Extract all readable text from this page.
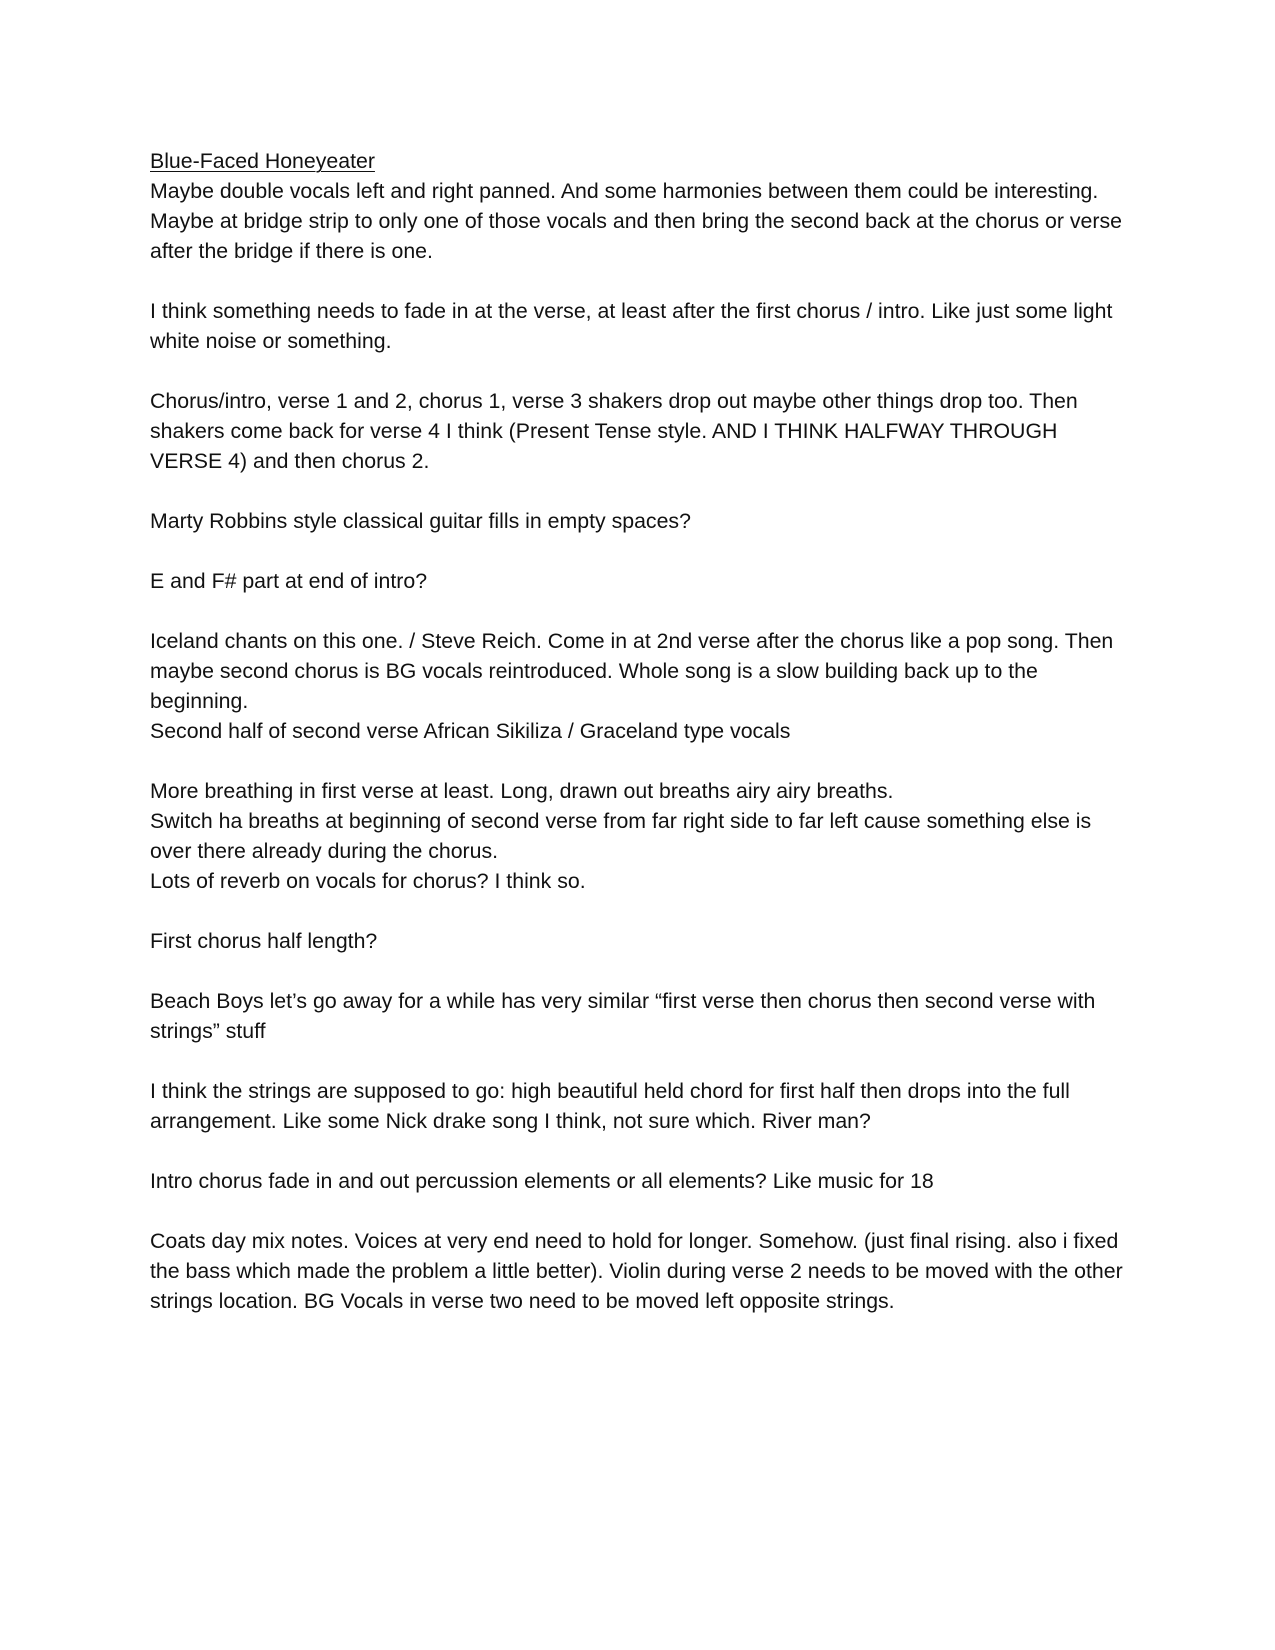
Blue-Faced Honeyeater

Maybe double vocals left and right panned. And some harmonies between them could be interesting. Maybe at bridge strip to only one of those vocals and then bring the second back at the chorus or verse after the bridge if there is one.

I think something needs to fade in at the verse, at least after the first chorus / intro. Like just some light white noise or something.

Chorus/intro, verse 1 and 2, chorus 1, verse 3 shakers drop out maybe other things drop too. Then shakers come back for verse 4 I think (Present Tense style. AND I THINK HALFWAY THROUGH VERSE 4) and then chorus 2.

Marty Robbins style classical guitar fills in empty spaces?

E and F# part at end of intro?

Iceland chants on this one. / Steve Reich. Come in at 2nd verse after the chorus like a pop song. Then maybe second chorus is BG vocals reintroduced. Whole song is a slow building back up to the beginning.

Second half of second verse African Sikiliza / Graceland type vocals

More breathing in first verse at least. Long, drawn out breaths airy airy breaths.

Switch ha breaths at beginning of second verse from far right side to far left cause something else is over there already during the chorus.

Lots of reverb on vocals for chorus? I think so.

First chorus half length?

Beach Boys let’s go away for a while has very similar “first verse then chorus then second verse with strings” stuff

I think the strings are supposed to go: high beautiful held chord for first half then drops into the full arrangement. Like some Nick drake song I think, not sure which. River man?

Intro chorus fade in and out percussion elements or all elements? Like music for 18

Coats day mix notes. Voices at very end need to hold for longer. Somehow. (just final rising. also i fixed the bass which made the problem a little better). Violin during verse 2 needs to be moved with the other strings location. BG Vocals in verse two need to be moved left opposite strings.
